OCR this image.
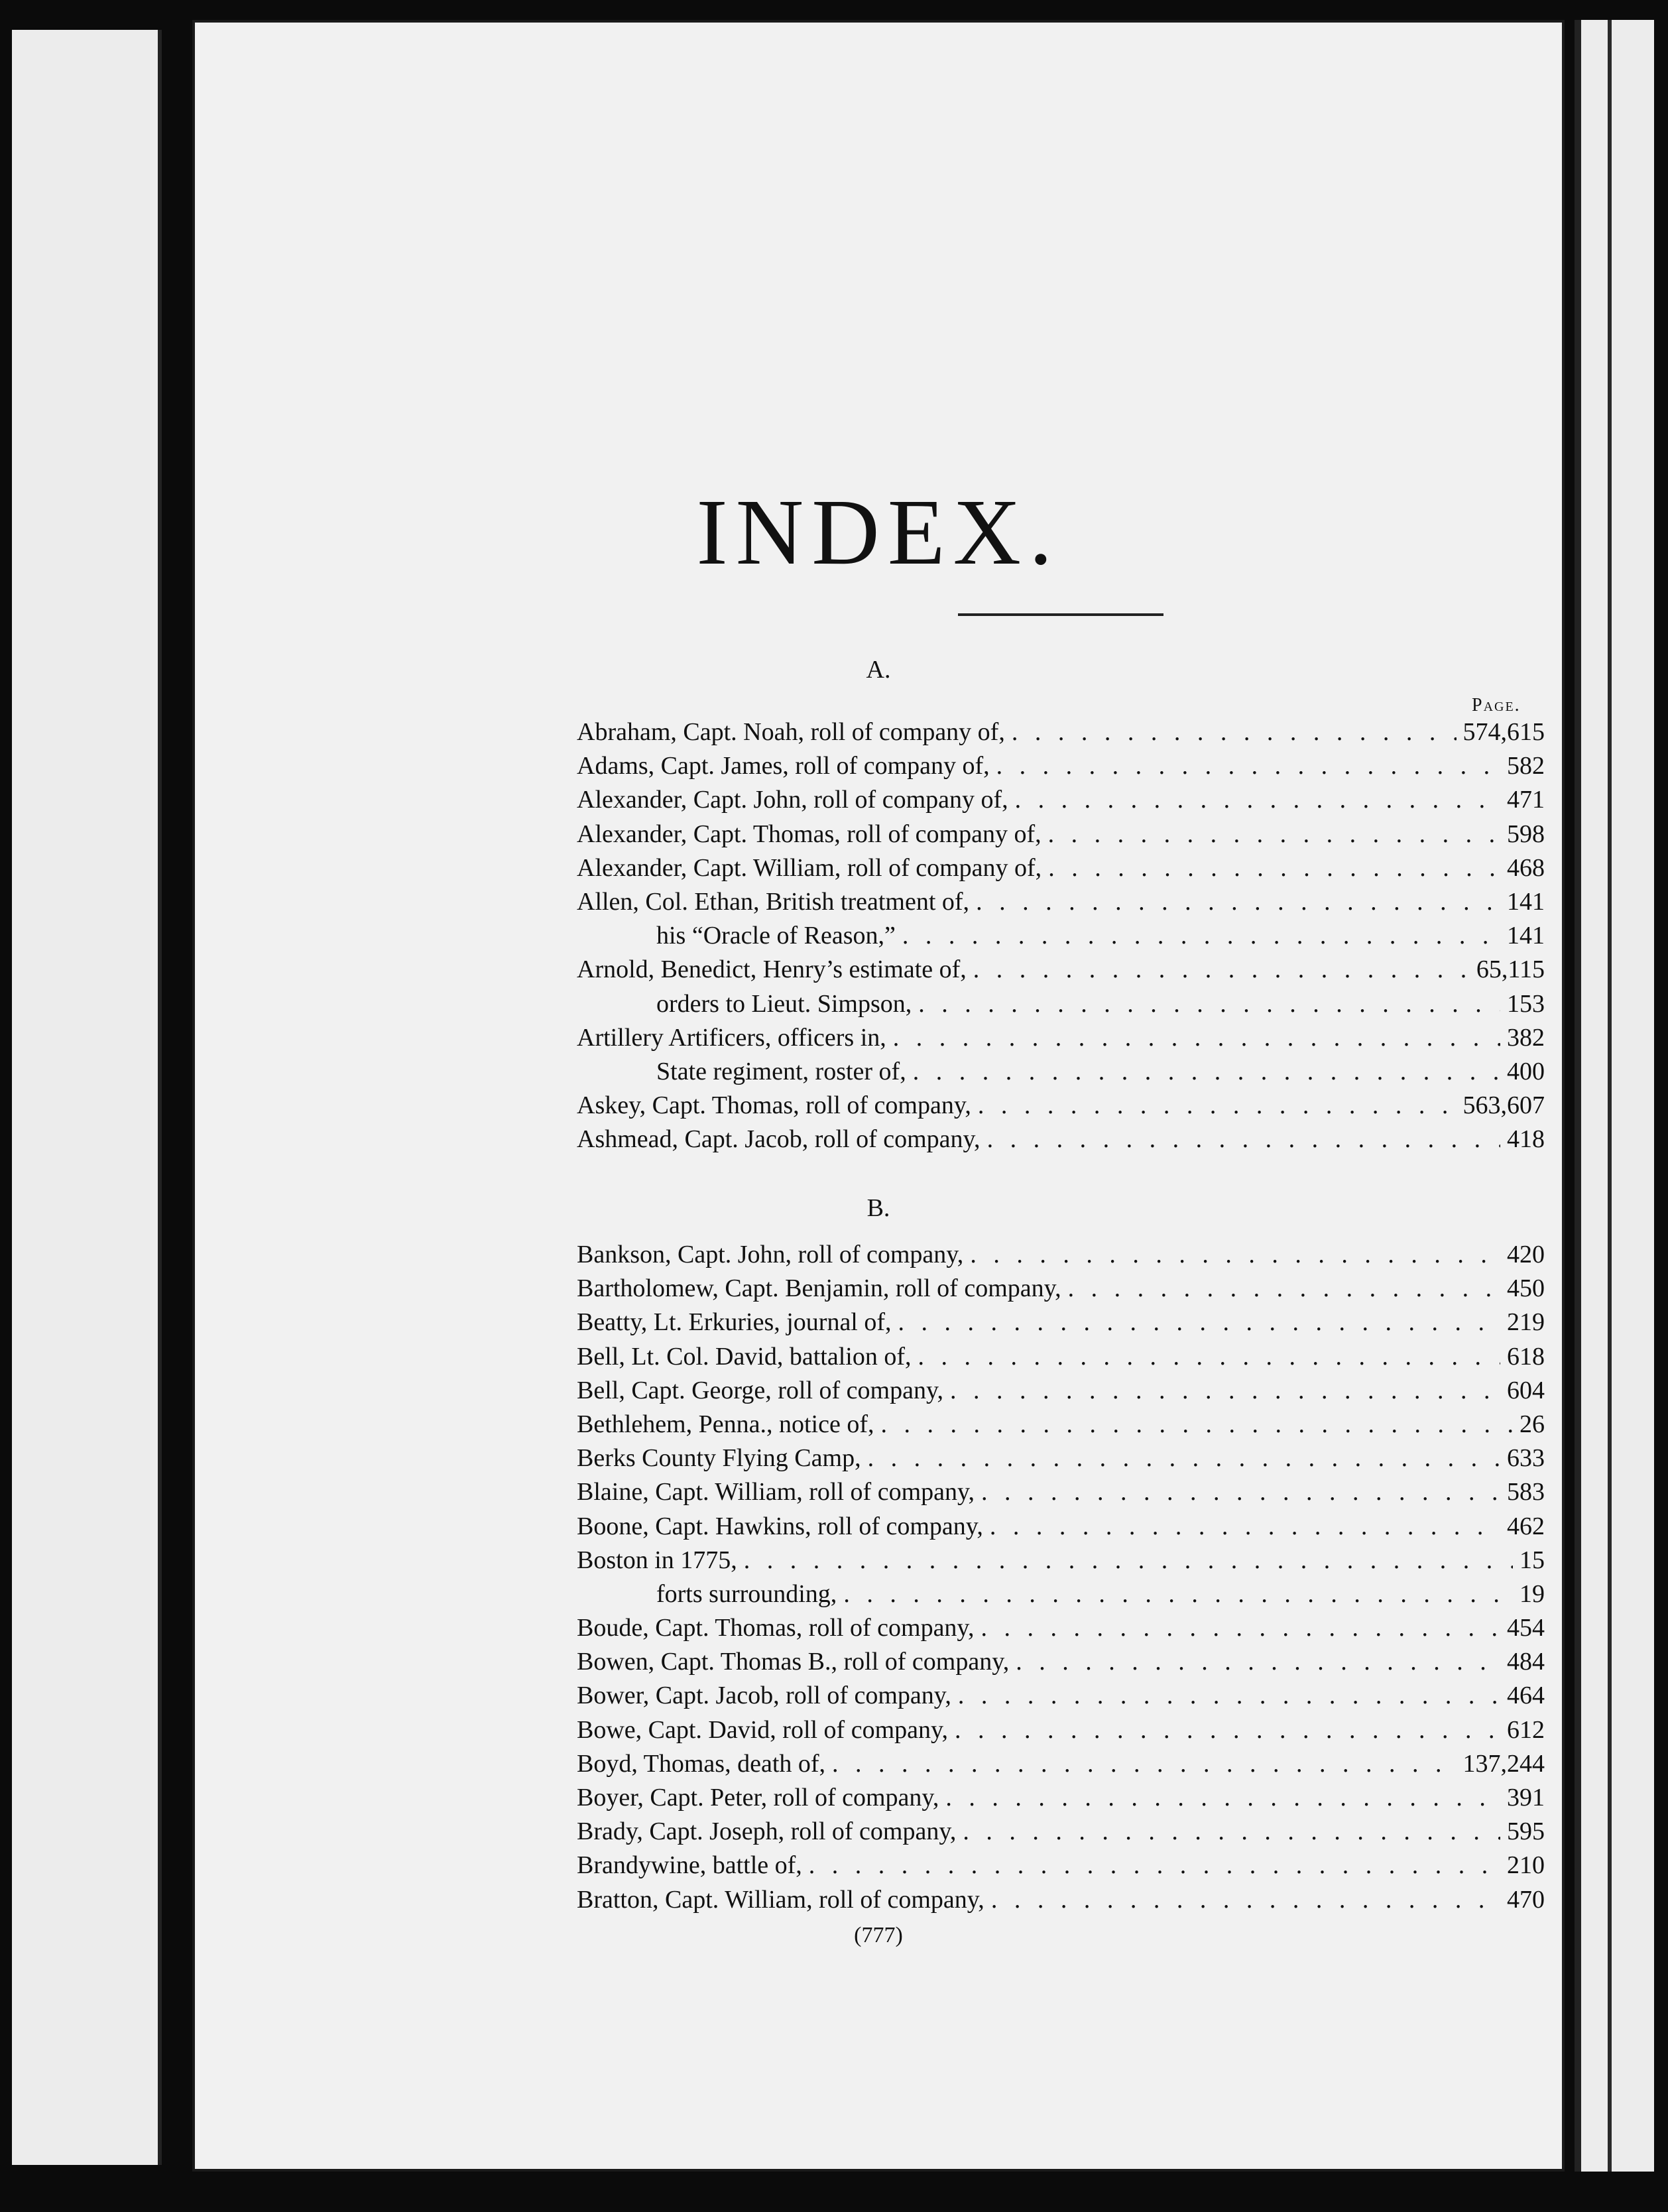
INDEX.
A.
Page.
Abraham, Capt. Noah, roll of company of, . . .	574,615
Adams, Capt. James, roll of company of, . . .	582
Alexander, Capt. John, roll of company of, . . .	471
Alexander, Capt. Thomas, roll of company of, . . .	598
Alexander, Capt. William, roll of company of, . . .	468
Allen, Col. Ethan, British treatment of, . . .	141
his “Oracle of Reason,” . . .	141
Arnold, Benedict, Henry’s estimate of, . . .	65,115
orders to Lieut. Simpson, . . .	153
Artillery Artificers, officers in, . . .	382
State regiment, roster of, . . .	400
Askey, Capt. Thomas, roll of company, . . .	563,607
Ashmead, Capt. Jacob, roll of company, . . .	418
B.
Bankson, Capt. John, roll of company, . . .	420
Bartholomew, Capt. Benjamin, roll of company, . . .	450
Beatty, Lt. Erkuries, journal of, . . .	219
Bell, Lt. Col. David, battalion of, . . .	618
Bell, Capt. George, roll of company, . . .	604
Bethlehem, Penna., notice of, . . .	26
Berks County Flying Camp, . . .	633
Blaine, Capt. William, roll of company, . . .	583
Boone, Capt. Hawkins, roll of company, . . .	462
Boston in 1775, . . .	15
forts surrounding, . . .	19
Boude, Capt. Thomas, roll of company, . . .	454
Bowen, Capt. Thomas B., roll of company, . . .	484
Bower, Capt. Jacob, roll of company, . . .	464
Bowe, Capt. David, roll of company, . . .	612
Boyd, Thomas, death of, . . .	137,244
Boyer, Capt. Peter, roll of company, . . .	391
Brady, Capt. Joseph, roll of company, . . .	595
Brandywine, battle of, . . .	210
Bratton, Capt. William, roll of company, . . .	470
(777)
